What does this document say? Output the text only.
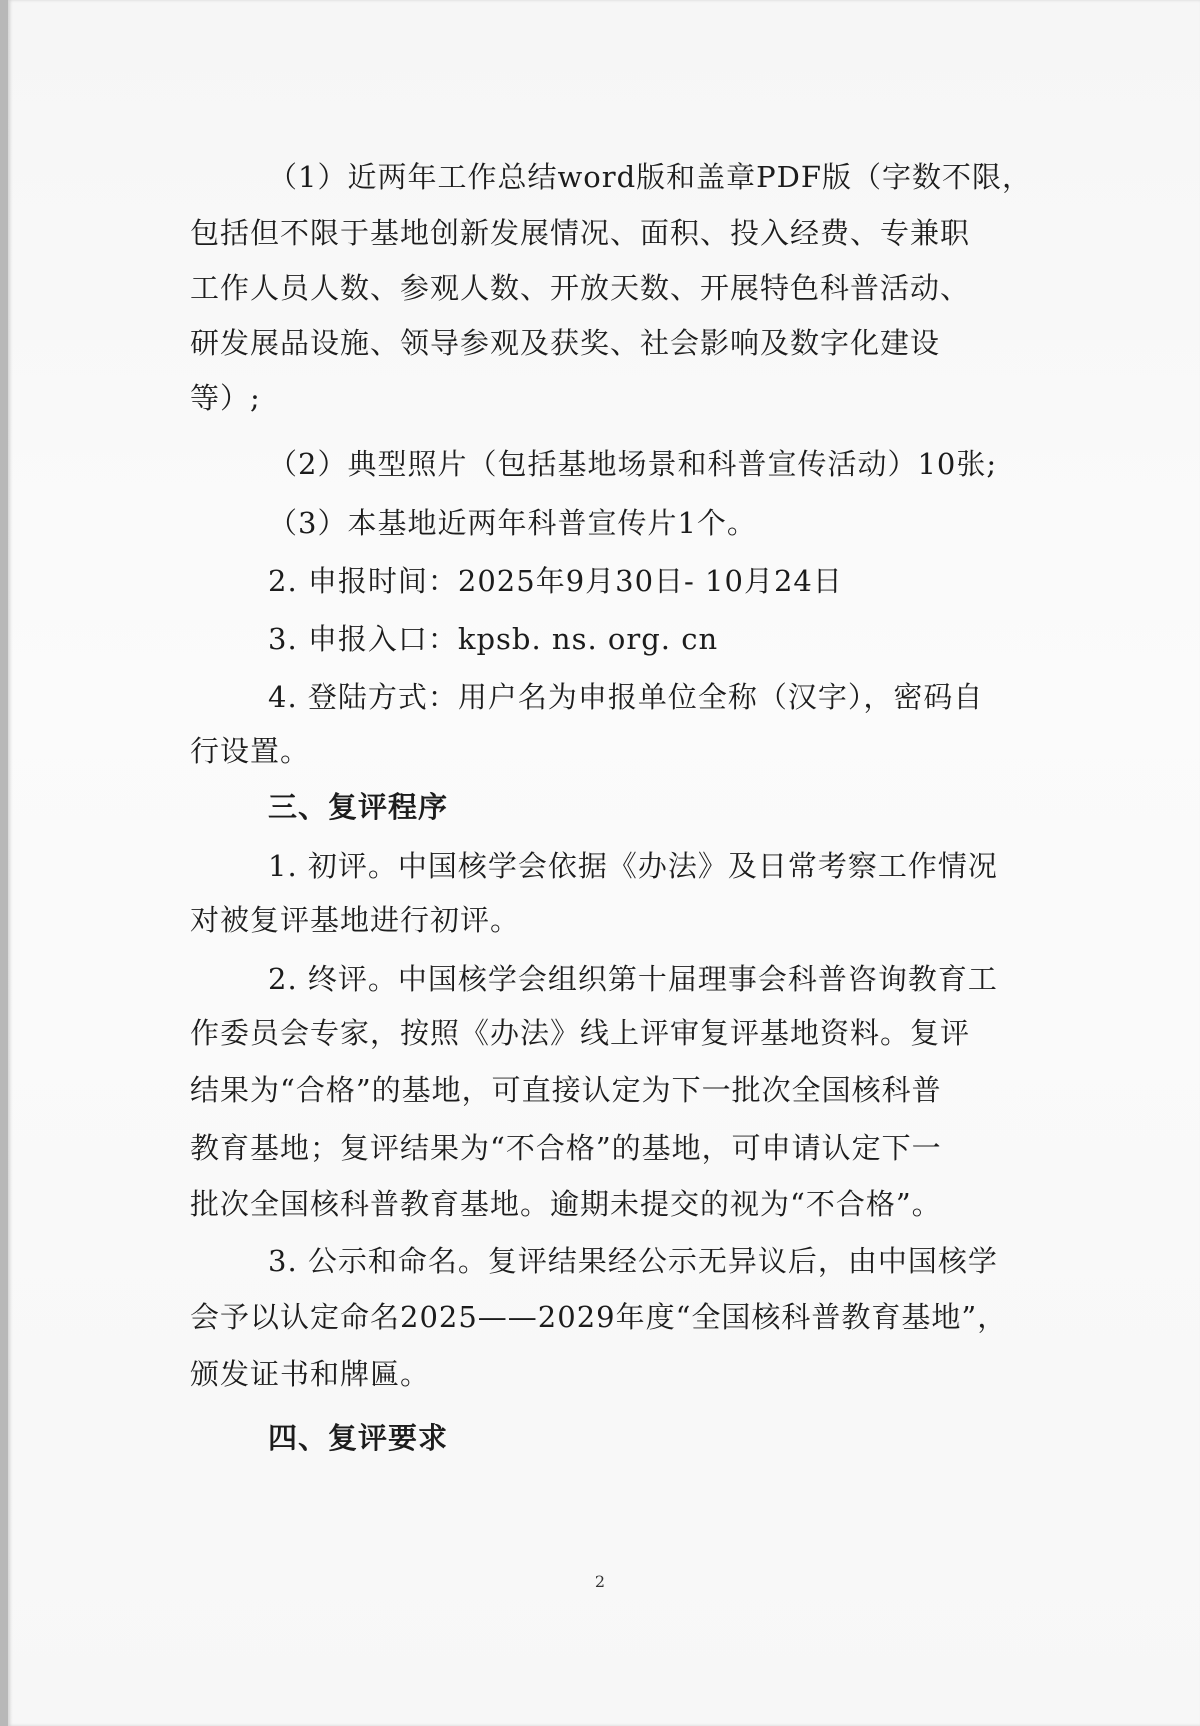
（1）近两年工作总结word版和盖章PDF版（字数不限，

包括但不限于基地创新发展情况、面积、投入经费、专兼职

工作人员人数、参观人数、开放天数、开展特色科普活动、

研发展品设施、领导参观及获奖、社会影响及数字化建设

等）;

（2）典型照片（包括基地场景和科普宣传活动）10张;

（3）本基地近两年科普宣传片1个。

2. 申报时间：2025年9月30日- 10月24日

3. 申报入口：kpsb. ns. org. cn

4. 登陆方式：用户名为申报单位全称（汉字），密码自

行设置。

三、复评程序

1. 初评。中国核学会依据《办法》及日常考察工作情况

对被复评基地进行初评。

2. 终评。中国核学会组织第十届理事会科普咨询教育工

作委员会专家，按照《办法》线上评审复评基地资料。复评

结果为“合格”的基地，可直接认定为下一批次全国核科普

教育基地；复评结果为“不合格”的基地，可申请认定下一

批次全国核科普教育基地。逾期未提交的视为“不合格”。

3. 公示和命名。复评结果经公示无异议后，由中国核学

会予以认定命名2025——2029年度“全国核科普教育基地”，

颁发证书和牌匾。

四、复评要求

2
